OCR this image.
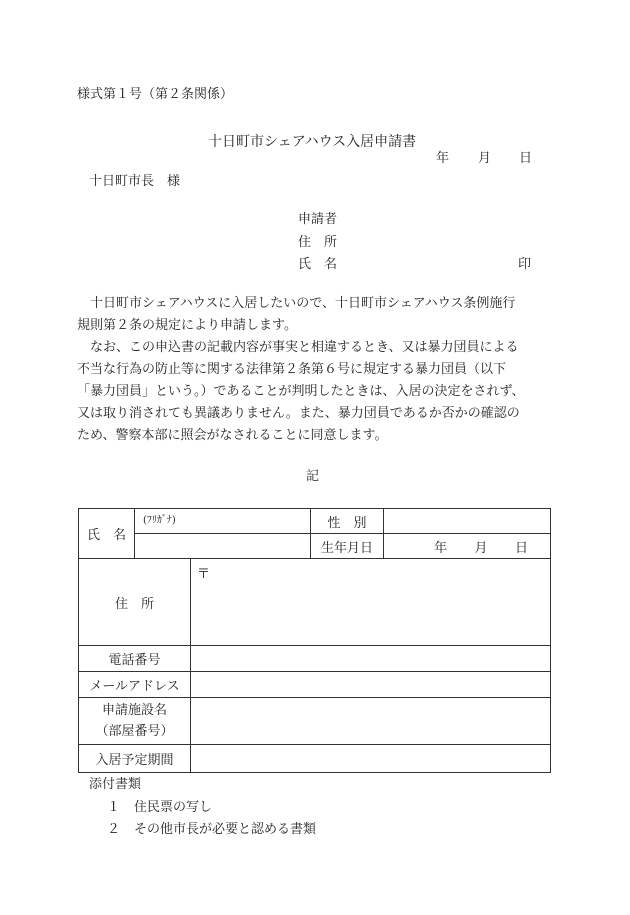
様式第１号（第２条関係）
十日町市シェアハウス入居申請書
年 月 日
十日町市長　様
申請者
住　所
氏　名	印

十日町市シェアハウスに入居したいので、十日町市シェアハウス条例施行

規則第２条の規定により申請します。

なお、この申込書の記載内容が事実と相違するとき、又は暴力団員による

不当な行為の防止等に関する法律第２条第６号に規定する暴力団員（以下

「暴力団員」という。）であることが判明したときは、入居の決定をされず、

又は取り消されても異議ありません。また、暴力団員であるか否かの確認の

ため、警察本部に照会がなされることに同意します。

記
氏　名	(ﾌﾘｶﾞﾅ)		性　別	
			生年月日	年 月 日

住　所		〒		
電話番号				
メールアドレス				

申請施設名
（部屋番号）				

入居予定期間				
添付書類
１ 住民票の写し
２ その他市長が必要と認める書類
